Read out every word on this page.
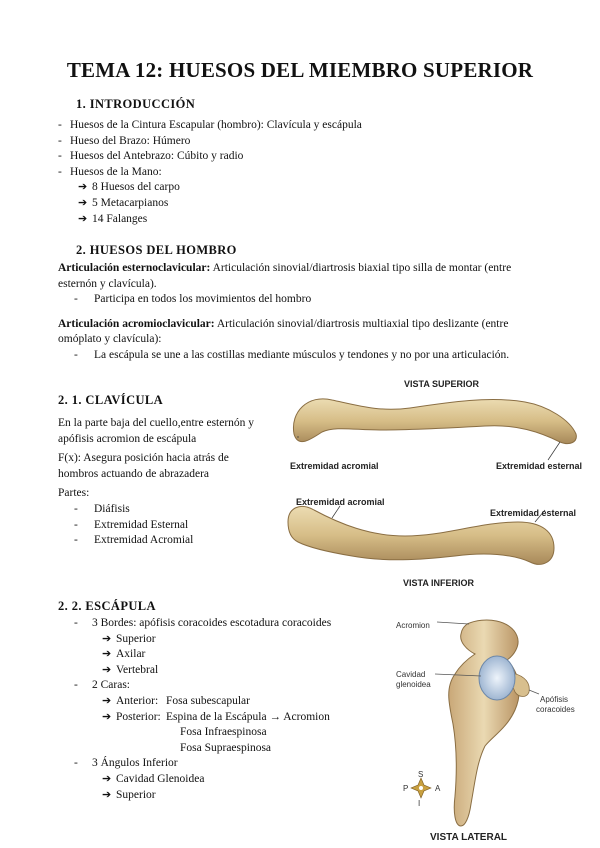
TEMA 12: HUESOS DEL MIEMBRO SUPERIOR
1. INTRODUCCIÓN
- Huesos de la Cintura Escapular (hombro): Clavícula y escápula
- Hueso del Brazo: Húmero
- Huesos del Antebrazo: Cúbito y radio
- Huesos de la Mano:
➔ 8 Huesos del carpo
➔ 5 Metacarpianos
➔ 14 Falanges
2. HUESOS DEL HOMBRO
Articulación esternoclavicular: Articulación sinovial/diartrosis biaxial tipo silla de montar (entre
esternón y clavícula).
- Participa en todos los movimientos del hombro
Articulación acromioclavicular: Articulación sinovial/diartrosis multiaxial tipo deslizante (entre
omóplato y clavícula):
- La escápula se une a las costillas mediante músculos y tendones y no por una articulación.
2. 1. CLAVÍCULA
En la parte baja del cuello,entre esternón y
apófisis acromion de escápula
F(x): Asegura posición hacia atrás de
hombros actuando de abrazadera
Partes:
- Diáfisis
- Extremidad Esternal
- Extremidad Acromial
VISTA SUPERIOR
Extremidad acromial	Extremidad esternal
Extremidad acromial
Extremidad esternal
VISTA INFERIOR
2. 2. ESCÁPULA
- 3 Bordes: apófisis coracoides escotadura coracoides
➔ Superior
➔ Axilar
➔ Vertebral
- 2 Caras:
➔ Anterior: Fosa subescapular
➔ Posterior: Espina de la Escápula → Acromion
Fosa Infraespinosa
Fosa Supraespinosa
- 3 Ángulos Inferior
➔ Cavidad Glenoidea
➔ Superior
Acromion
Cavidad
glenoidea
Apófisis
coracoides
S
I
P	A
VISTA LATERAL
